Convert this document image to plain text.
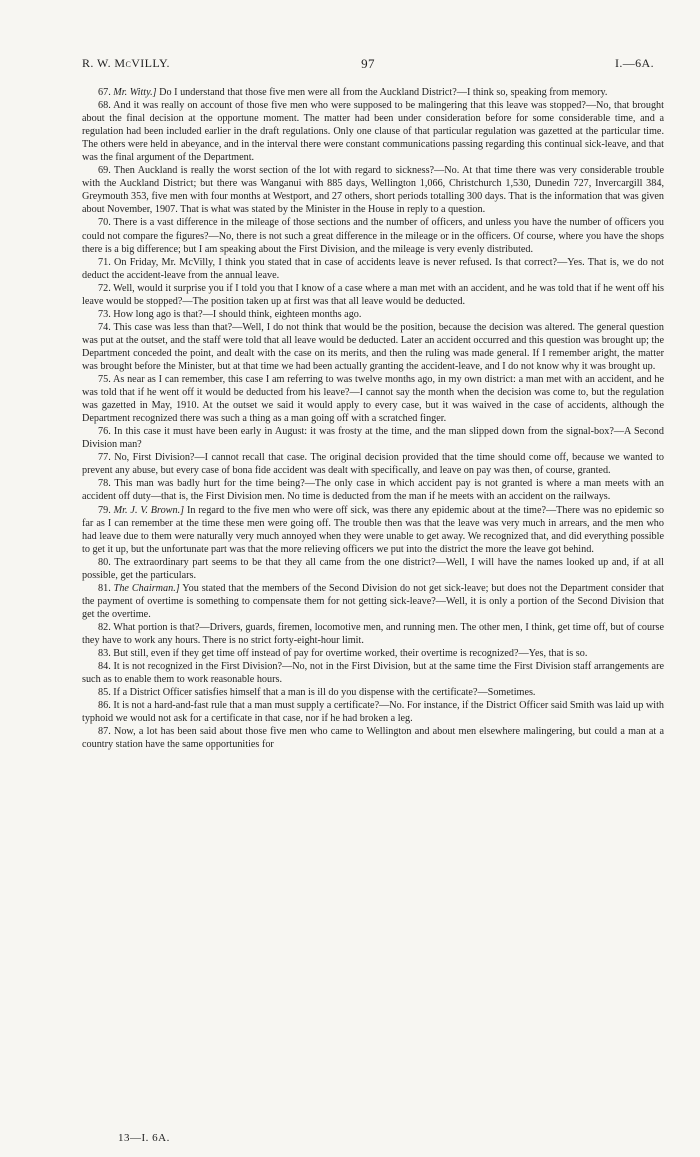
R. W. McVILLY.	97	I.—6A.

67. Mr. Witty.] Do I understand that those five men were all from the Auckland District?—I think so, speaking from memory.

68. And it was really on account of those five men who were supposed to be malingering that this leave was stopped?—No, that brought about the final decision at the opportune moment. The matter had been under consideration before for some considerable time, and a regulation had been included earlier in the draft regulations. Only one clause of that particular regulation was gazetted at the particular time. The others were held in abeyance, and in the interval there were constant communications passing regarding this continual sick-leave, and that was the final argument of the Department.

69. Then Auckland is really the worst section of the lot with regard to sickness?—No. At that time there was very considerable trouble with the Auckland District; but there was Wanganui with 885 days, Wellington 1,066, Christchurch 1,530, Dunedin 727, Invercargill 384, Greymouth 353, five men with four months at Westport, and 27 others, short periods totalling 300 days. That is the information that was given about November, 1907. That is what was stated by the Minister in the House in reply to a question.

70. There is a vast difference in the mileage of those sections and the number of officers, and unless you have the number of officers you could not compare the figures?—No, there is not such a great difference in the mileage or in the officers. Of course, where you have the shops there is a big difference; but I am speaking about the First Division, and the mileage is very evenly distributed.

71. On Friday, Mr. McVilly, I think you stated that in case of accidents leave is never refused. Is that correct?—Yes. That is, we do not deduct the accident-leave from the annual leave.

72. Well, would it surprise you if I told you that I know of a case where a man met with an accident, and he was told that if he went off his leave would be stopped?—The position taken up at first was that all leave would be deducted.

73. How long ago is that?—I should think, eighteen months ago.

74. This case was less than that?—Well, I do not think that would be the position, because the decision was altered. The general question was put at the outset, and the staff were told that all leave would be deducted. Later an accident occurred and this question was brought up; the Department conceded the point, and dealt with the case on its merits, and then the ruling was made general. If I remember aright, the matter was brought before the Minister, but at that time we had been actually granting the accident-leave, and I do not know why it was brought up.

75. As near as I can remember, this case I am referring to was twelve months ago, in my own district: a man met with an accident, and he was told that if he went off it would be deducted from his leave?—I cannot say the month when the decision was come to, but the regulation was gazetted in May, 1910. At the outset we said it would apply to every case, but it was waived in the case of accidents, although the Department recognized there was such a thing as a man going off with a scratched finger.

76. In this case it must have been early in August: it was frosty at the time, and the man slipped down from the signal-box?—A Second Division man?

77. No, First Division?—I cannot recall that case. The original decision provided that the time should come off, because we wanted to prevent any abuse, but every case of bona fide accident was dealt with specifically, and leave on pay was then, of course, granted.

78. This man was badly hurt for the time being?—The only case in which accident pay is not granted is where a man meets with an accident off duty—that is, the First Division men. No time is deducted from the man if he meets with an accident on the railways.

79. Mr. J. V. Brown.] In regard to the five men who were off sick, was there any epidemic about at the time?—There was no epidemic so far as I can remember at the time these men were going off. The trouble then was that the leave was very much in arrears, and the men who had leave due to them were naturally very much annoyed when they were unable to get away. We recognized that, and did everything possible to get it up, but the unfortunate part was that the more relieving officers we put into the district the more the leave got behind.

80. The extraordinary part seems to be that they all came from the one district?—Well, I will have the names looked up and, if at all possible, get the particulars.

81. The Chairman.] You stated that the members of the Second Division do not get sick-leave; but does not the Department consider that the payment of overtime is something to compensate them for not getting sick-leave?—Well, it is only a portion of the Second Division that get the overtime.

82. What portion is that?—Drivers, guards, firemen, locomotive men, and running men. The other men, I think, get time off, but of course they have to work any hours. There is no strict forty-eight-hour limit.

83. But still, even if they get time off instead of pay for overtime worked, their overtime is recognized?—Yes, that is so.

84. It is not recognized in the First Division?—No, not in the First Division, but at the same time the First Division staff arrangements are such as to enable them to work reasonable hours.

85. If a District Officer satisfies himself that a man is ill do you dispense with the certificate?—Sometimes.

86. It is not a hard-and-fast rule that a man must supply a certificate?—No. For instance, if the District Officer said Smith was laid up with typhoid we would not ask for a certificate in that case, nor if he had broken a leg.

87. Now, a lot has been said about those five men who came to Wellington and about men elsewhere malingering, but could a man at a country station have the same opportunities for

13—I. 6A.
